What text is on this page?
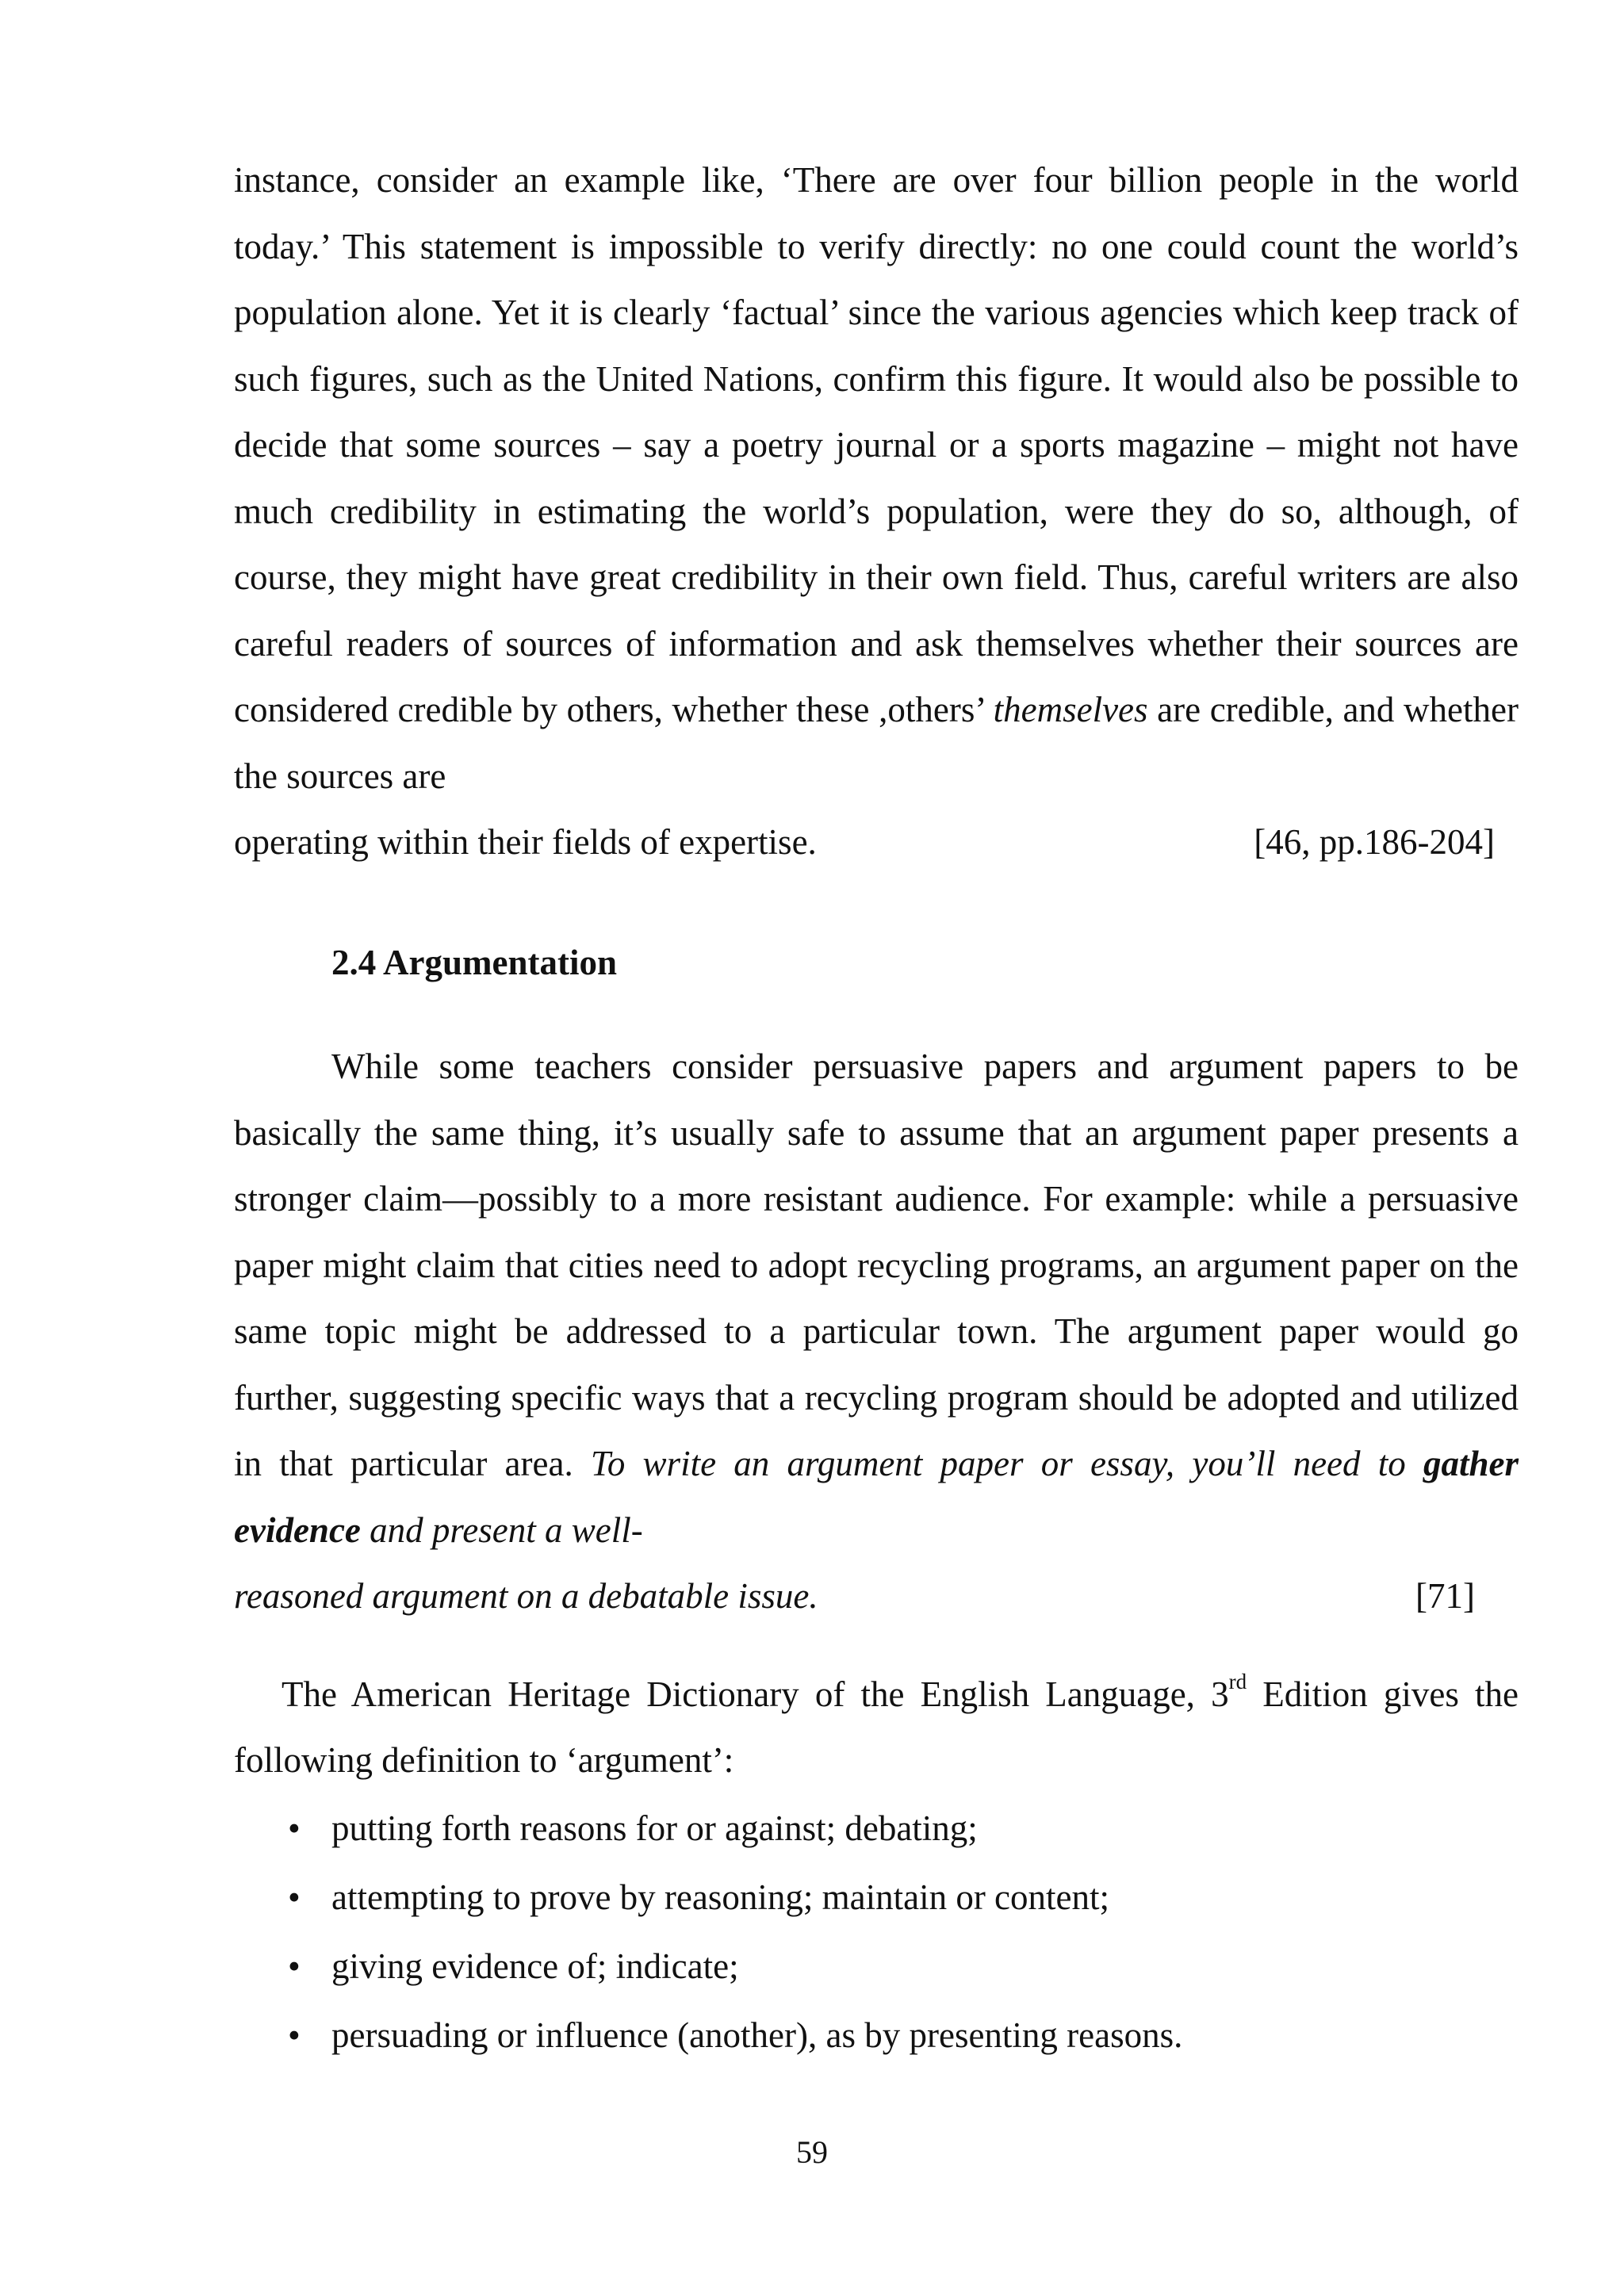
instance, consider an example like, ‘There are over four billion people in the world today.’ This statement is impossible to verify directly: no one could count the world’s population alone. Yet it is clearly ‘factual’ since the various agencies which keep track of such figures, such as the United Nations, confirm this figure. It would also be possible to decide that some sources – say a poetry journal or a sports magazine – might not have much credibility in estimating the world’s population, were they do so, although, of course, they might have great credibility in their own field. Thus, careful writers are also careful readers of sources of information and ask themselves whether their sources are considered credible by others, whether these ,others’ themselves are credible, and whether the sources are

operating within their fields of expertise.	[46, pp.186-204]
2.4 Argumentation

While some teachers consider persuasive papers and argument papers to be basically the same thing, it’s usually safe to assume that an argument paper presents a stronger claim—possibly to a more resistant audience. For example: while a persuasive paper might claim that cities need to adopt recycling programs, an argument paper on the same topic might be addressed to a particular town. The argument paper would go further, suggesting specific ways that a recycling program should be adopted and utilized in that particular area. To write an argument paper or essay, you’ll need to gather evidence and present a well-

reasoned argument on a debatable issue.	[71]

The American Heritage Dictionary of the English Language, 3rd Edition gives the following definition to ‘argument’:

• putting forth reasons for or against; debating;
• attempting to prove by reasoning; maintain or content;
• giving evidence of; indicate;
• persuading or influence (another), as by presenting reasons.
59
